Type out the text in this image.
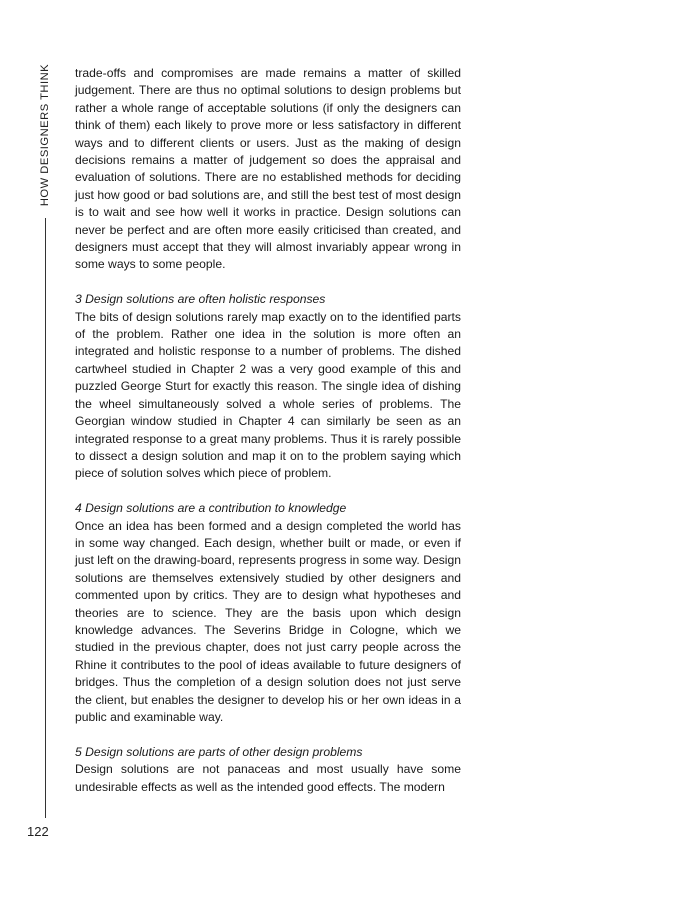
HOW DESIGNERS THINK
122

trade-offs and compromises are made remains a matter of skilled judgement. There are thus no optimal solutions to design problems but rather a whole range of acceptable solutions (if only the designers can think of them) each likely to prove more or less satisfactory in different ways and to different clients or users. Just as the making of design decisions remains a matter of judgement so does the appraisal and evaluation of solutions. There are no established methods for deciding just how good or bad solutions are, and still the best test of most design is to wait and see how well it works in practice. Design solutions can never be perfect and are often more easily criticised than created, and designers must accept that they will almost invariably appear wrong in some ways to some people.

3 Design solutions are often holistic responses

The bits of design solutions rarely map exactly on to the identified parts of the problem. Rather one idea in the solution is more often an integrated and holistic response to a number of problems. The dished cartwheel studied in Chapter 2 was a very good example of this and puzzled George Sturt for exactly this reason. The single idea of dishing the wheel simultaneously solved a whole series of problems. The Georgian window studied in Chapter 4 can similarly be seen as an integrated response to a great many problems. Thus it is rarely possible to dissect a design solution and map it on to the problem saying which piece of solution solves which piece of problem.

4 Design solutions are a contribution to knowledge

Once an idea has been formed and a design completed the world has in some way changed. Each design, whether built or made, or even if just left on the drawing-board, represents progress in some way. Design solutions are themselves extensively studied by other designers and commented upon by critics. They are to design what hypotheses and theories are to science. They are the basis upon which design knowledge advances. The Severins Bridge in Cologne, which we studied in the previous chapter, does not just carry people across the Rhine it contributes to the pool of ideas available to future designers of bridges. Thus the completion of a design solution does not just serve the client, but enables the designer to develop his or her own ideas in a public and examinable way.

5 Design solutions are parts of other design problems

Design solutions are not panaceas and most usually have some undesirable effects as well as the intended good effects. The modern
